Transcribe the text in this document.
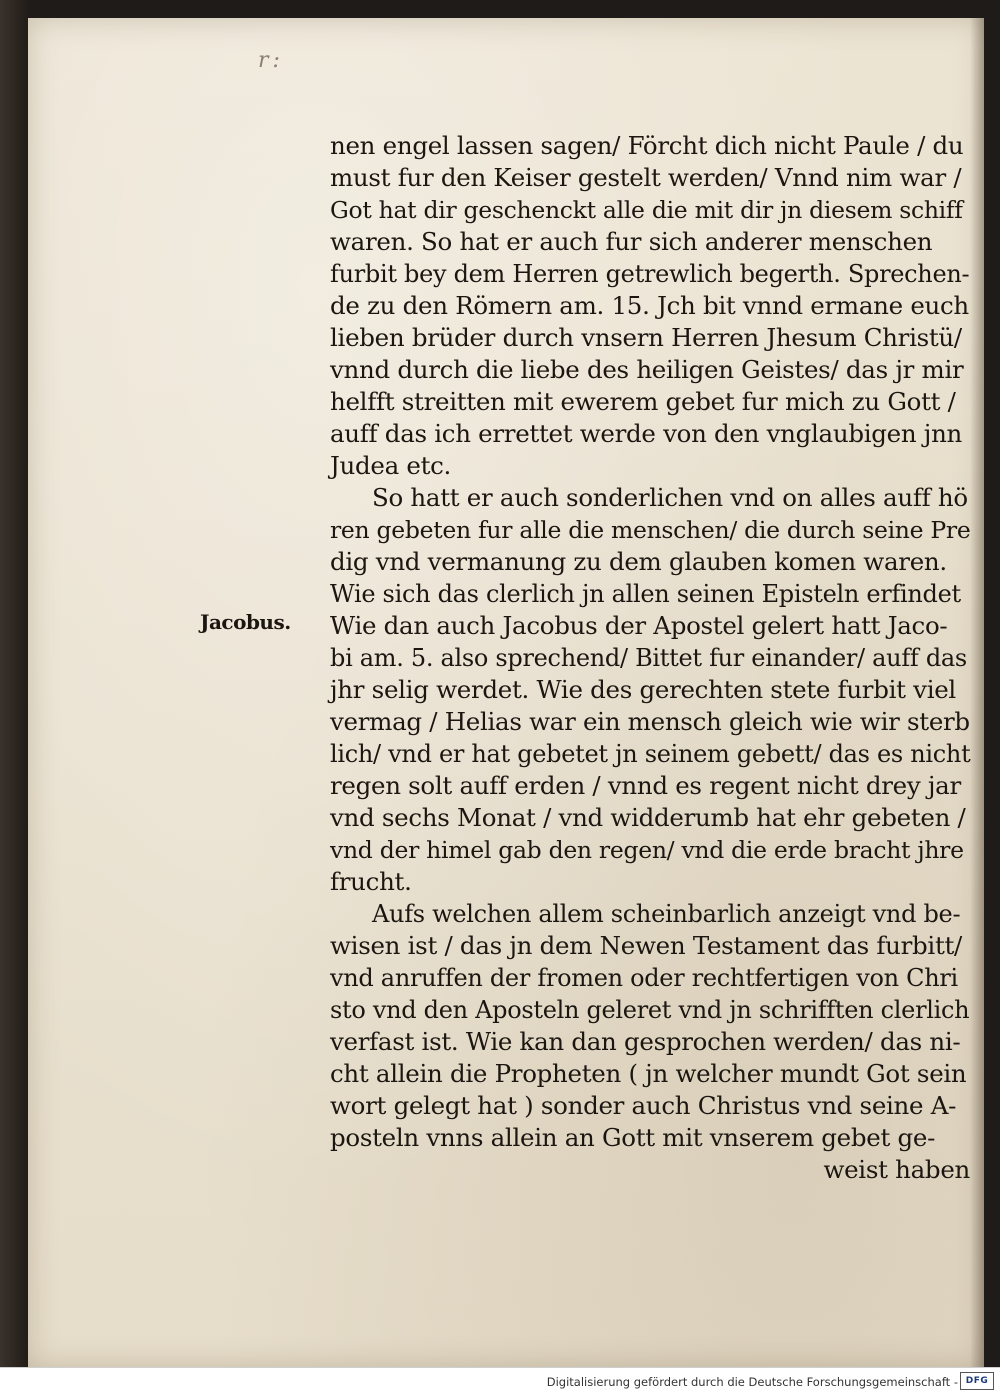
r:
Jacobus.
nen engel lassen sagen/ Förcht dich nicht Paule / du
must fur den Keiser gestelt werden/ Vnnd nim war /
Got hat dir geschenckt alle die mit dir jn diesem schiff
waren. So hat er auch fur sich anderer menschen
furbit bey dem Herren getrewlich begerth. Sprechen-
de zu den Römern am. 15. Jch bit vnnd ermane euch
lieben brüder durch vnsern Herren Jhesum Christü/
vnnd durch die liebe des heiligen Geistes/ das jr mir
helfft streitten mit ewerem gebet fur mich zu Gott /
auff das ich errettet werde von den vnglaubigen jnn
Judea etc.
So hatt er auch sonderlichen vnd on alles auff hö
ren gebeten fur alle die menschen/ die durch seine Pre
dig vnd vermanung zu dem glauben komen waren.
Wie sich das clerlich jn allen seinen Episteln erfindet
Wie dan auch Jacobus der Apostel gelert hatt Jaco-
bi am. 5. also sprechend/ Bittet fur einander/ auff das
jhr selig werdet. Wie des gerechten stete furbit viel
vermag / Helias war ein mensch gleich wie wir sterb
lich/ vnd er hat gebetet jn seinem gebett/ das es nicht
regen solt auff erden / vnnd es regent nicht drey jar
vnd sechs Monat / vnd widderumb hat ehr gebeten /
vnd der himel gab den regen/ vnd die erde bracht jhre
frucht.
Aufs welchen allem scheinbarlich anzeigt vnd be-
wisen ist / das jn dem Newen Testament das furbitt/
vnd anruffen der fromen oder rechtfertigen von Chri
sto vnd den Aposteln geleret vnd jn schrifften clerlich
verfast ist. Wie kan dan gesprochen werden/ das ni-
cht allein die Propheten ( jn welcher mundt Got sein
wort gelegt hat ) sonder auch Christus vnd seine A-
posteln vnns allein an Gott mit vnserem gebet ge-
weist haben
Digitalisierung gefördert durch die Deutsche Forschungsgemeinschaft - DFG
